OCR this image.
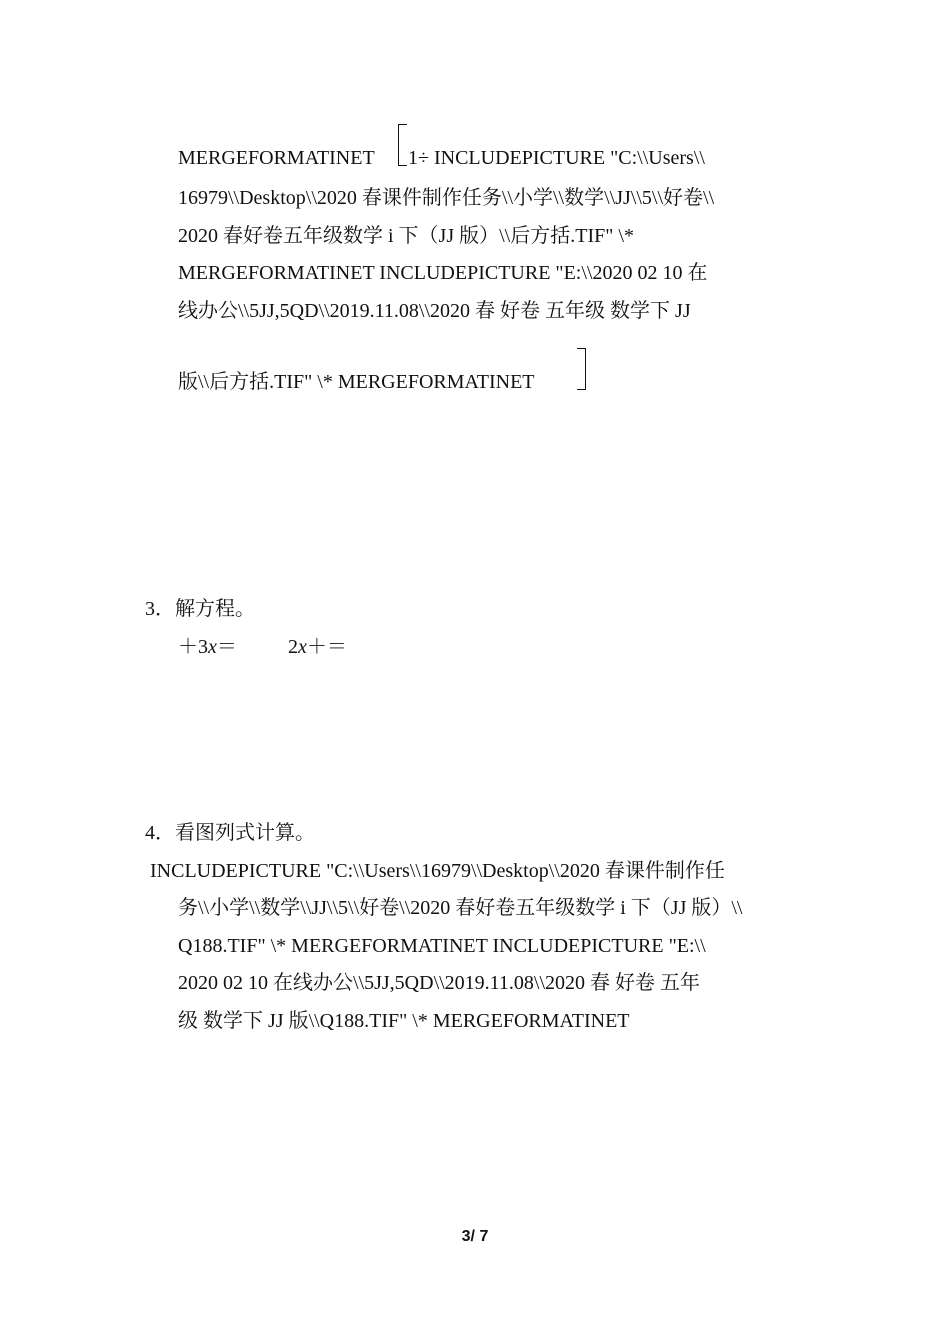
MERGEFORMATINET 1÷ INCLUDEPICTURE "C:\\Users\\
16979\\Desktop\\2020 春课件制作任务\\小学\\数学\\JJ\\5\\好卷\\
2020 春好卷五年级数学 i 下（JJ 版）\\后方括.TIF" \*
MERGEFORMATINET INCLUDEPICTURE "E:\\2020 02 10 在
线办公\\5JJ,5QD\\2019.11.08\\2020 春 好卷 五年级 数学下 JJ
版\\后方括.TIF" \* MERGEFORMATINET
3．解方程。
＋3x＝	2x＋＝
4．看图列式计算。
INCLUDEPICTURE "C:\\Users\\16979\\Desktop\\2020 春课件制作任
务\\小学\\数学\\JJ\\5\\好卷\\2020 春好卷五年级数学 i 下（JJ 版）\\
Q188.TIF" \* MERGEFORMATINET INCLUDEPICTURE "E:\\
2020 02 10 在线办公\\5JJ,5QD\\2019.11.08\\2020 春 好卷 五年
级 数学下 JJ 版\\Q188.TIF" \* MERGEFORMATINET
3/ 7
